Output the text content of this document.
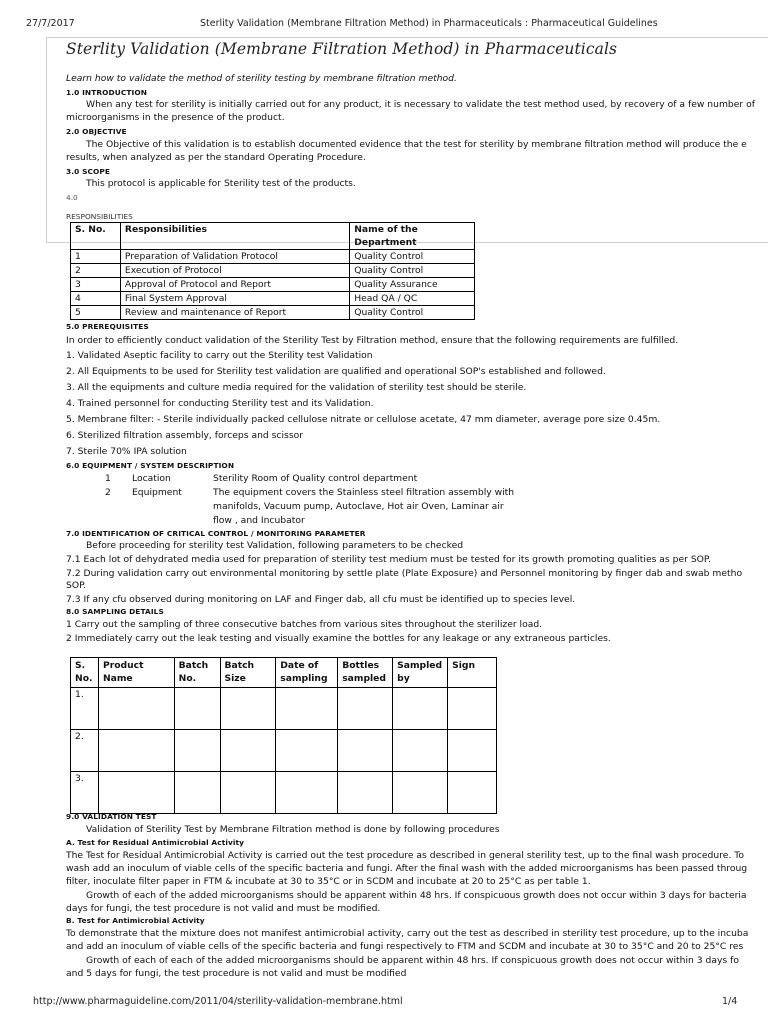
27/7/2017	Sterlity Validation (Membrane Filtration Method) in Pharmaceuticals : Pharmaceutical Guidelines
Sterlity Validation (Membrane Filtration Method) in Pharmaceuticals
Learn how to validate the method of sterility testing by membrane filtration method.
1.0 INTRODUCTION
When any test for sterility is initially carried out for any product, it is necessary to validate the test method used, by recovery of a few number of
microorganisms in the presence of the product.
2.0 OBJECTIVE
The Objective of this validation is to establish documented evidence that the test for sterility by membrane filtration method will produce the e
results, when analyzed as per the standard Operating Procedure.
3.0 SCOPE
This protocol is applicable for Sterility test of the products.
4.0
RESPONSIBILITIES
S. No.	Responsibilities	Name of the Department
1	Preparation of Validation Protocol	Quality Control
2	Execution of Protocol	Quality Control
3	Approval of Protocol and Report	Quality Assurance
4	Final System Approval	Head QA / QC
5	Review and maintenance of Report	Quality Control
5.0 PREREQUISITES
In order to efficiently conduct validation of the Sterility Test by Filtration method, ensure that the following requirements are fulfilled.
1. Validated Aseptic facility to carry out the Sterility test Validation
2. All Equipments to be used for Sterility test validation are qualified and operational SOP's established and followed.
3. All the equipments and culture media required for the validation of sterility test should be sterile.
4. Trained personnel for conducting Sterility test and its Validation.
5. Membrane filter: - Sterile individually packed cellulose nitrate or cellulose acetate, 47 mm diameter, average pore size 0.45m.
6. Sterilized filtration assembly, forceps and scissor
7. Sterile 70% IPA solution
6.0 EQUIPMENT / SYSTEM DESCRIPTION
1 Location	Sterility Room of Quality control department
2 Equipment	The equipment covers the Stainless steel filtration assembly with
manifolds, Vacuum pump, Autoclave, Hot air Oven, Laminar air
flow , and Incubator
7.0 IDENTIFICATION OF CRITICAL CONTROL / MONITORING PARAMETER
Before proceeding for sterility test Validation, following parameters to be checked
7.1 Each lot of dehydrated media used for preparation of sterility test medium must be tested for its growth promoting qualities as per SOP.
7.2 During validation carry out environmental monitoring by settle plate (Plate Exposure) and Personnel monitoring by finger dab and swab metho
SOP.
7.3 If any cfu observed during monitoring on LAF and Finger dab, all cfu must be identified up to species level.
8.0 SAMPLING DETAILS
1 Carry out the sampling of three consecutive batches from various sites throughout the sterilizer load.
2 Immediately carry out the leak testing and visually examine the bottles for any leakage or any extraneous particles.
S. No.	Product Name	Batch No.	Batch Size	Date of sampling	Bottles sampled	Sampled by	Sign
1.							
2.							
3.							
9.0 VALIDATION TEST
Validation of Sterility Test by Membrane Filtration method is done by following procedures
A. Test for Residual Antimicrobial Activity
The Test for Residual Antimicrobial Activity is carried out the test procedure as described in general sterility test, up to the final wash procedure. To
wash add an inoculum of viable cells of the specific bacteria and fungi. After the final wash with the added microorganisms has been passed throug
filter, inoculate filter paper in FTM & incubate at 30 to 35°C or in SCDM and incubate at 20 to 25°C as per table 1.
Growth of each of the added microorganisms should be apparent within 48 hrs. If conspicuous growth does not occur within 3 days for bacteria
days for fungi, the test procedure is not valid and must be modified.
B. Test for Antimicrobial Activity
To demonstrate that the mixture does not manifest antimicrobial activity, carry out the test as described in sterility test procedure, up to the incuba
and add an inoculum of viable cells of the specific bacteria and fungi respectively to FTM and SCDM and incubate at 30 to 35°C and 20 to 25°C res
Growth of each of each of the added microorganisms should be apparent within 48 hrs. If conspicuous growth does not occur within 3 days fo
and 5 days for fungi, the test procedure is not valid and must be modified
http://www.pharmaguideline.com/2011/04/sterility-validation-membrane.html	1/4
